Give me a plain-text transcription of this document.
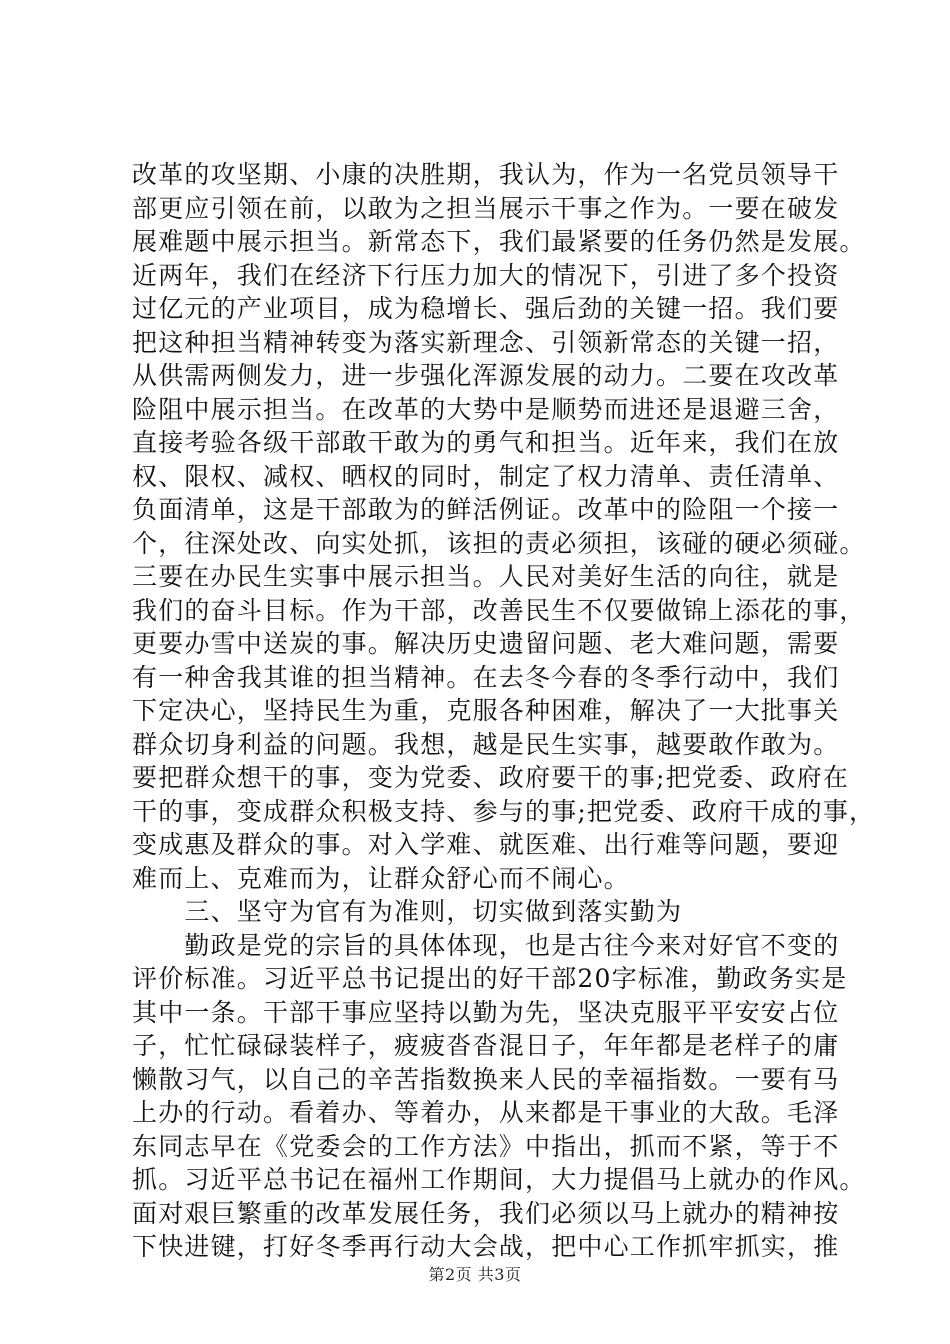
改革的攻坚期、小康的决胜期，我认为，作为一名党员领导干
部更应引领在前，以敢为之担当展示干事之作为。一要在破发
展难题中展示担当。新常态下，我们最紧要的任务仍然是发展。
近两年，我们在经济下行压力加大的情况下，引进了多个投资
过亿元的产业项目，成为稳增长、强后劲的关键一招。我们要
把这种担当精神转变为落实新理念、引领新常态的关键一招，
从供需两侧发力，进一步强化浑源发展的动力。二要在攻改革
险阻中展示担当。在改革的大势中是顺势而进还是退避三舍，
直接考验各级干部敢干敢为的勇气和担当。近年来，我们在放
权、限权、减权、晒权的同时，制定了权力清单、责任清单、
负面清单，这是干部敢为的鲜活例证。改革中的险阻一个接一
个，往深处改、向实处抓，该担的责必须担，该碰的硬必须碰。
三要在办民生实事中展示担当。人民对美好生活的向往，就是
我们的奋斗目标。作为干部，改善民生不仅要做锦上添花的事，
更要办雪中送炭的事。解决历史遗留问题、老大难问题，需要
有一种舍我其谁的担当精神。在去冬今春的冬季行动中，我们
下定决心，坚持民生为重，克服各种困难，解决了一大批事关
群众切身利益的问题。我想，越是民生实事，越要敢作敢为。
要把群众想干的事，变为党委、政府要干的事;把党委、政府在
干的事，变成群众积极支持、参与的事;把党委、政府干成的事，
变成惠及群众的事。对入学难、就医难、出行难等问题，要迎
难而上、克难而为，让群众舒心而不闹心。
　　三、坚守为官有为准则，切实做到落实勤为
　　勤政是党的宗旨的具体体现，也是古往今来对好官不变的
评价标准。习近平总书记提出的好干部20字标准，勤政务实是
其中一条。干部干事应坚持以勤为先，坚决克服平平安安占位
子，忙忙碌碌装样子，疲疲沓沓混日子，年年都是老样子的庸
懒散习气，以自己的辛苦指数换来人民的幸福指数。一要有马
上办的行动。看着办、等着办，从来都是干事业的大敌。毛泽
东同志早在《党委会的工作方法》中指出，抓而不紧，等于不
抓。习近平总书记在福州工作期间，大力提倡马上就办的作风。
面对艰巨繁重的改革发展任务，我们必须以马上就办的精神按
下快进键，打好冬季再行动大会战，把中心工作抓牢抓实，推
第2页 共3页
